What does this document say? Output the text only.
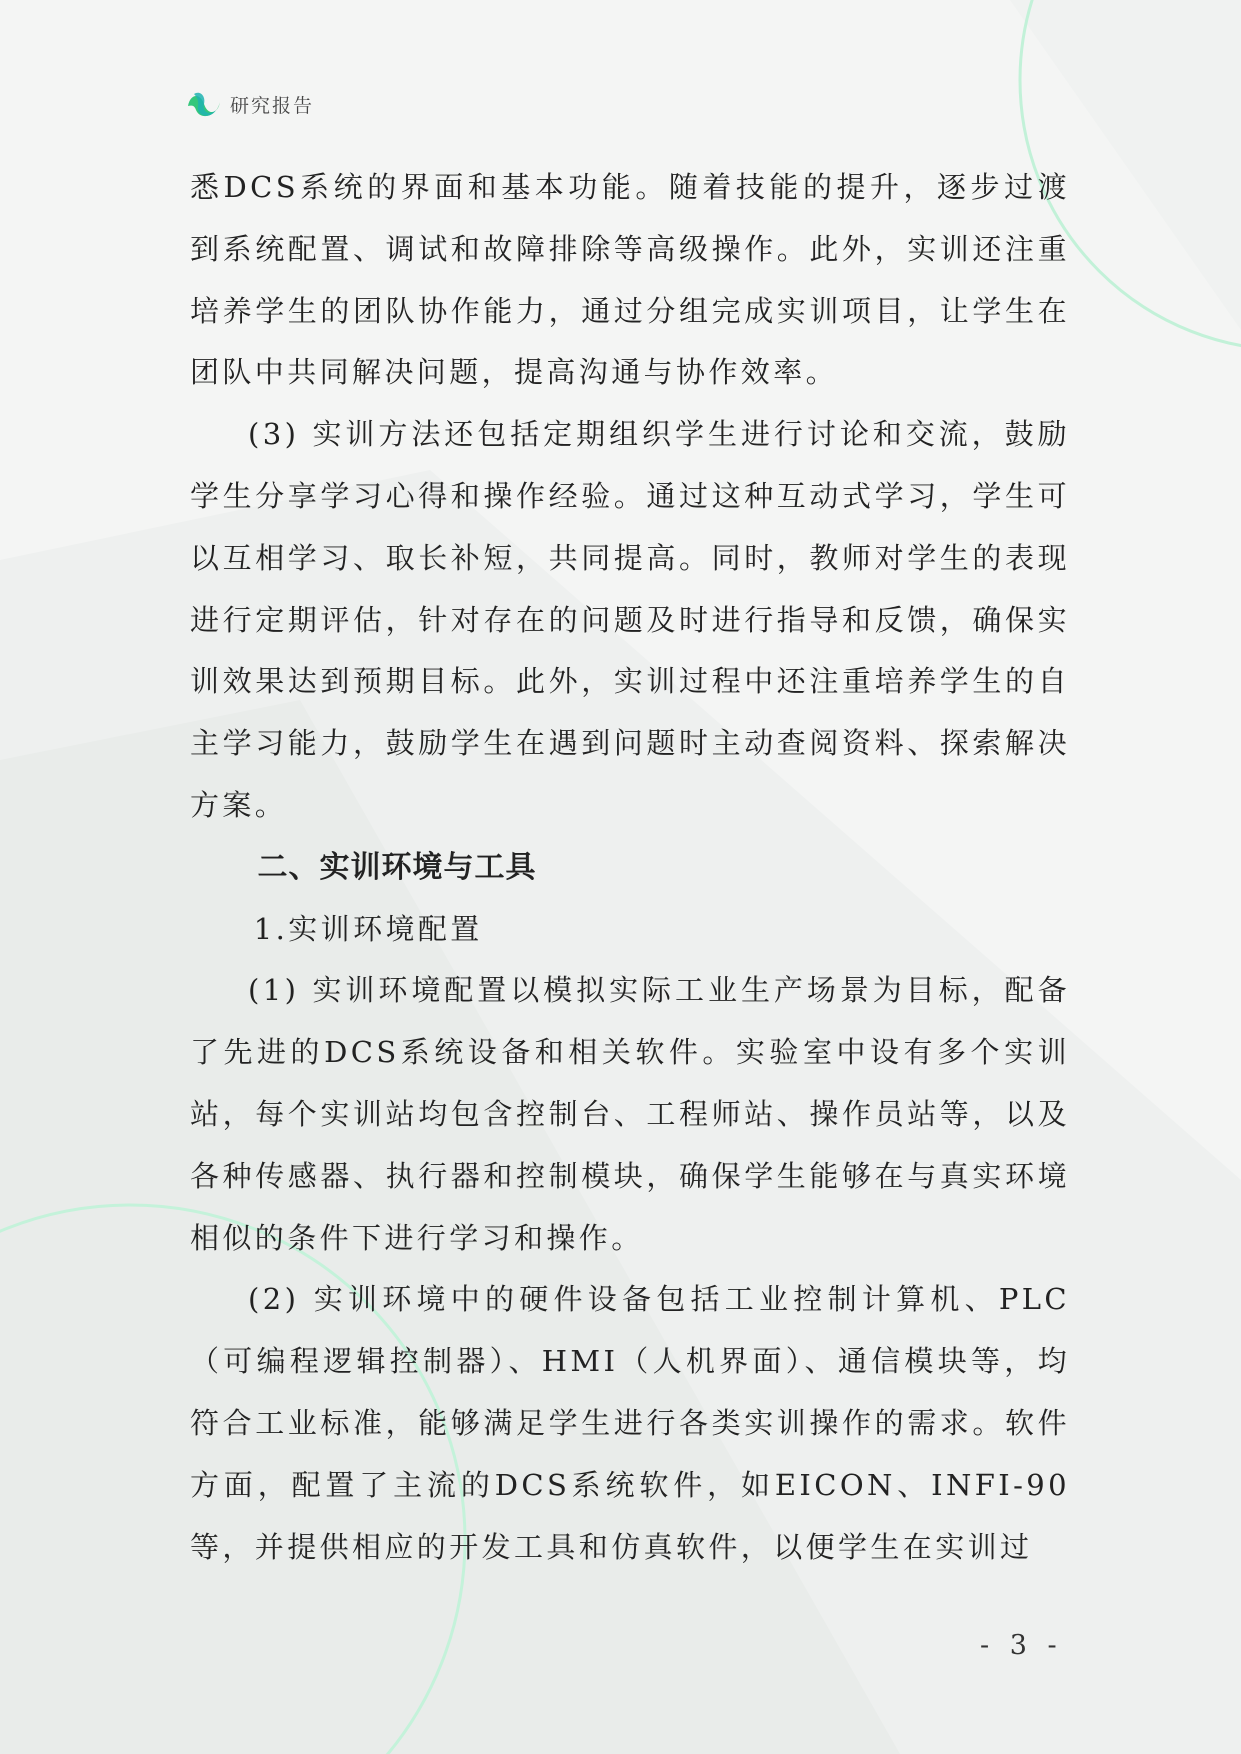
研究报告

悉DCS系统的界面和基本功能。随着技能的提升，逐步过渡到系统配置、调试和故障排除等高级操作。此外，实训还注重培养学生的团队协作能力，通过分组完成实训项目，让学生在团队中共同解决问题，提高沟通与协作效率。

(3) 实训方法还包括定期组织学生进行讨论和交流，鼓励学生分享学习心得和操作经验。通过这种互动式学习，学生可以互相学习、取长补短，共同提高。同时，教师对学生的表现进行定期评估，针对存在的问题及时进行指导和反馈，确保实训效果达到预期目标。此外，实训过程中还注重培养学生的自主学习能力，鼓励学生在遇到问题时主动查阅资料、探索解决方案。

二、实训环境与工具
1.实训环境配置

(1) 实训环境配置以模拟实际工业生产场景为目标，配备了先进的DCS系统设备和相关软件。实验室中设有多个实训站，每个实训站均包含控制台、工程师站、操作员站等，以及各种传感器、执行器和控制模块，确保学生能够在与真实环境相似的条件下进行学习和操作。

(2) 实训环境中的硬件设备包括工业控制计算机、PLC（可编程逻辑控制器）、HMI（人机界面）、通信模块等，均符合工业标准，能够满足学生进行各类实训操作的需求。软件方面，配置了主流的DCS系统软件，如EICON、INFI-90等，并提供相应的开发工具和仿真软件，以便学生在实训过

- 3 -
